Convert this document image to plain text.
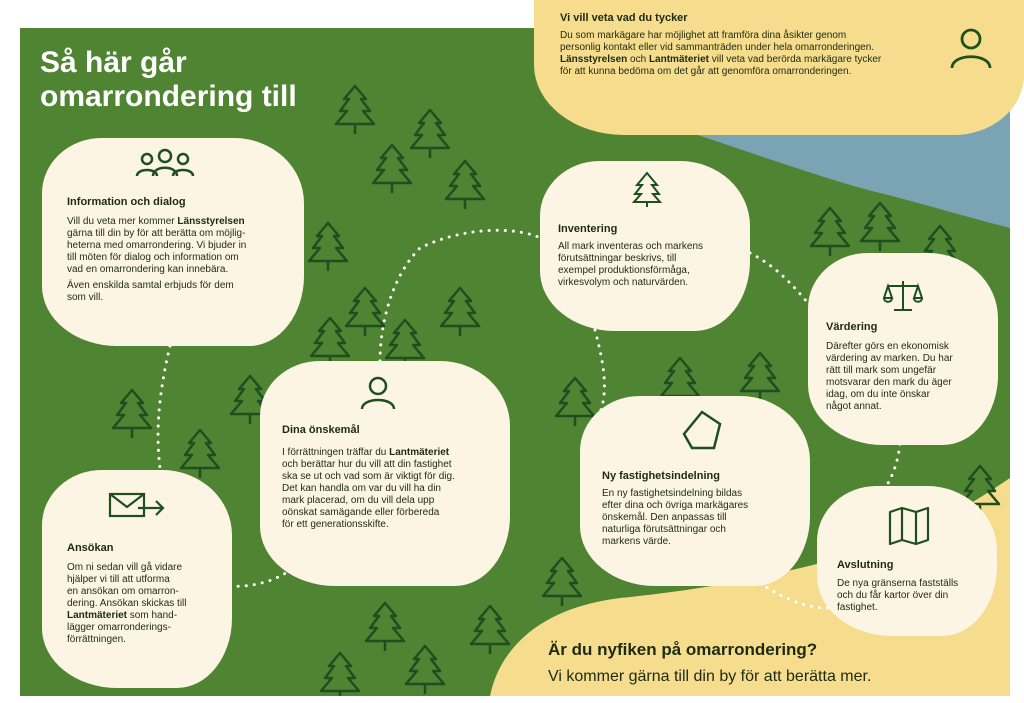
Så här går
omarrondering till
Information och dialog

Vill du veta mer kommer Länsstyrelsen
gärna till din by för att berätta om möjlig-
heterna med omarrondering. Vi bjuder in
till möten för dialog och information om
vad en omarrondering kan innebära.

Även enskilda samtal erbjuds för dem
som vill.

Dina önskemål

I förrättningen träffar du Lantmäteriet
och berättar hur du vill att din fastighet
ska se ut och vad som är viktigt för dig.
Det kan handla om var du vill ha din
mark placerad, om du vill dela upp
oönskat samägande eller förbereda
för ett generationsskifte.

Ansökan

Om ni sedan vill gå vidare
hjälper vi till att utforma
en ansökan om omarron-
dering. Ansökan skickas till
Lantmäteriet som hand-
lägger omarronderings-
förrättningen.

Inventering

All mark inventeras och markens
förutsättningar beskrivs, till
exempel produktionsförmåga,
virkesvolym och naturvärden.

Värdering

Därefter görs en ekonomisk
värdering av marken. Du har
rätt till mark som ungefär
motsvarar den mark du äger
idag, om du inte önskar
något annat.

Ny fastighetsindelning

En ny fastighetsindelning bildas
efter dina och övriga markägares
önskemål. Den anpassas till
naturliga förutsättningar och
markens värde.

Avslutning

De nya gränserna fastställs
och du får kartor över din
fastighet.

Är du nyfiken på omarrondering?

Vi kommer gärna till din by för att berätta mer.

Vi vill veta vad du tycker

Du som markägare har möjlighet att framföra dina åsikter genom
personlig kontakt eller vid sammanträden under hela omarronderingen.
Länsstyrelsen och Lantmäteriet vill veta vad berörda markägare tycker
för att kunna bedöma om det går att genomföra omarronderingen.
